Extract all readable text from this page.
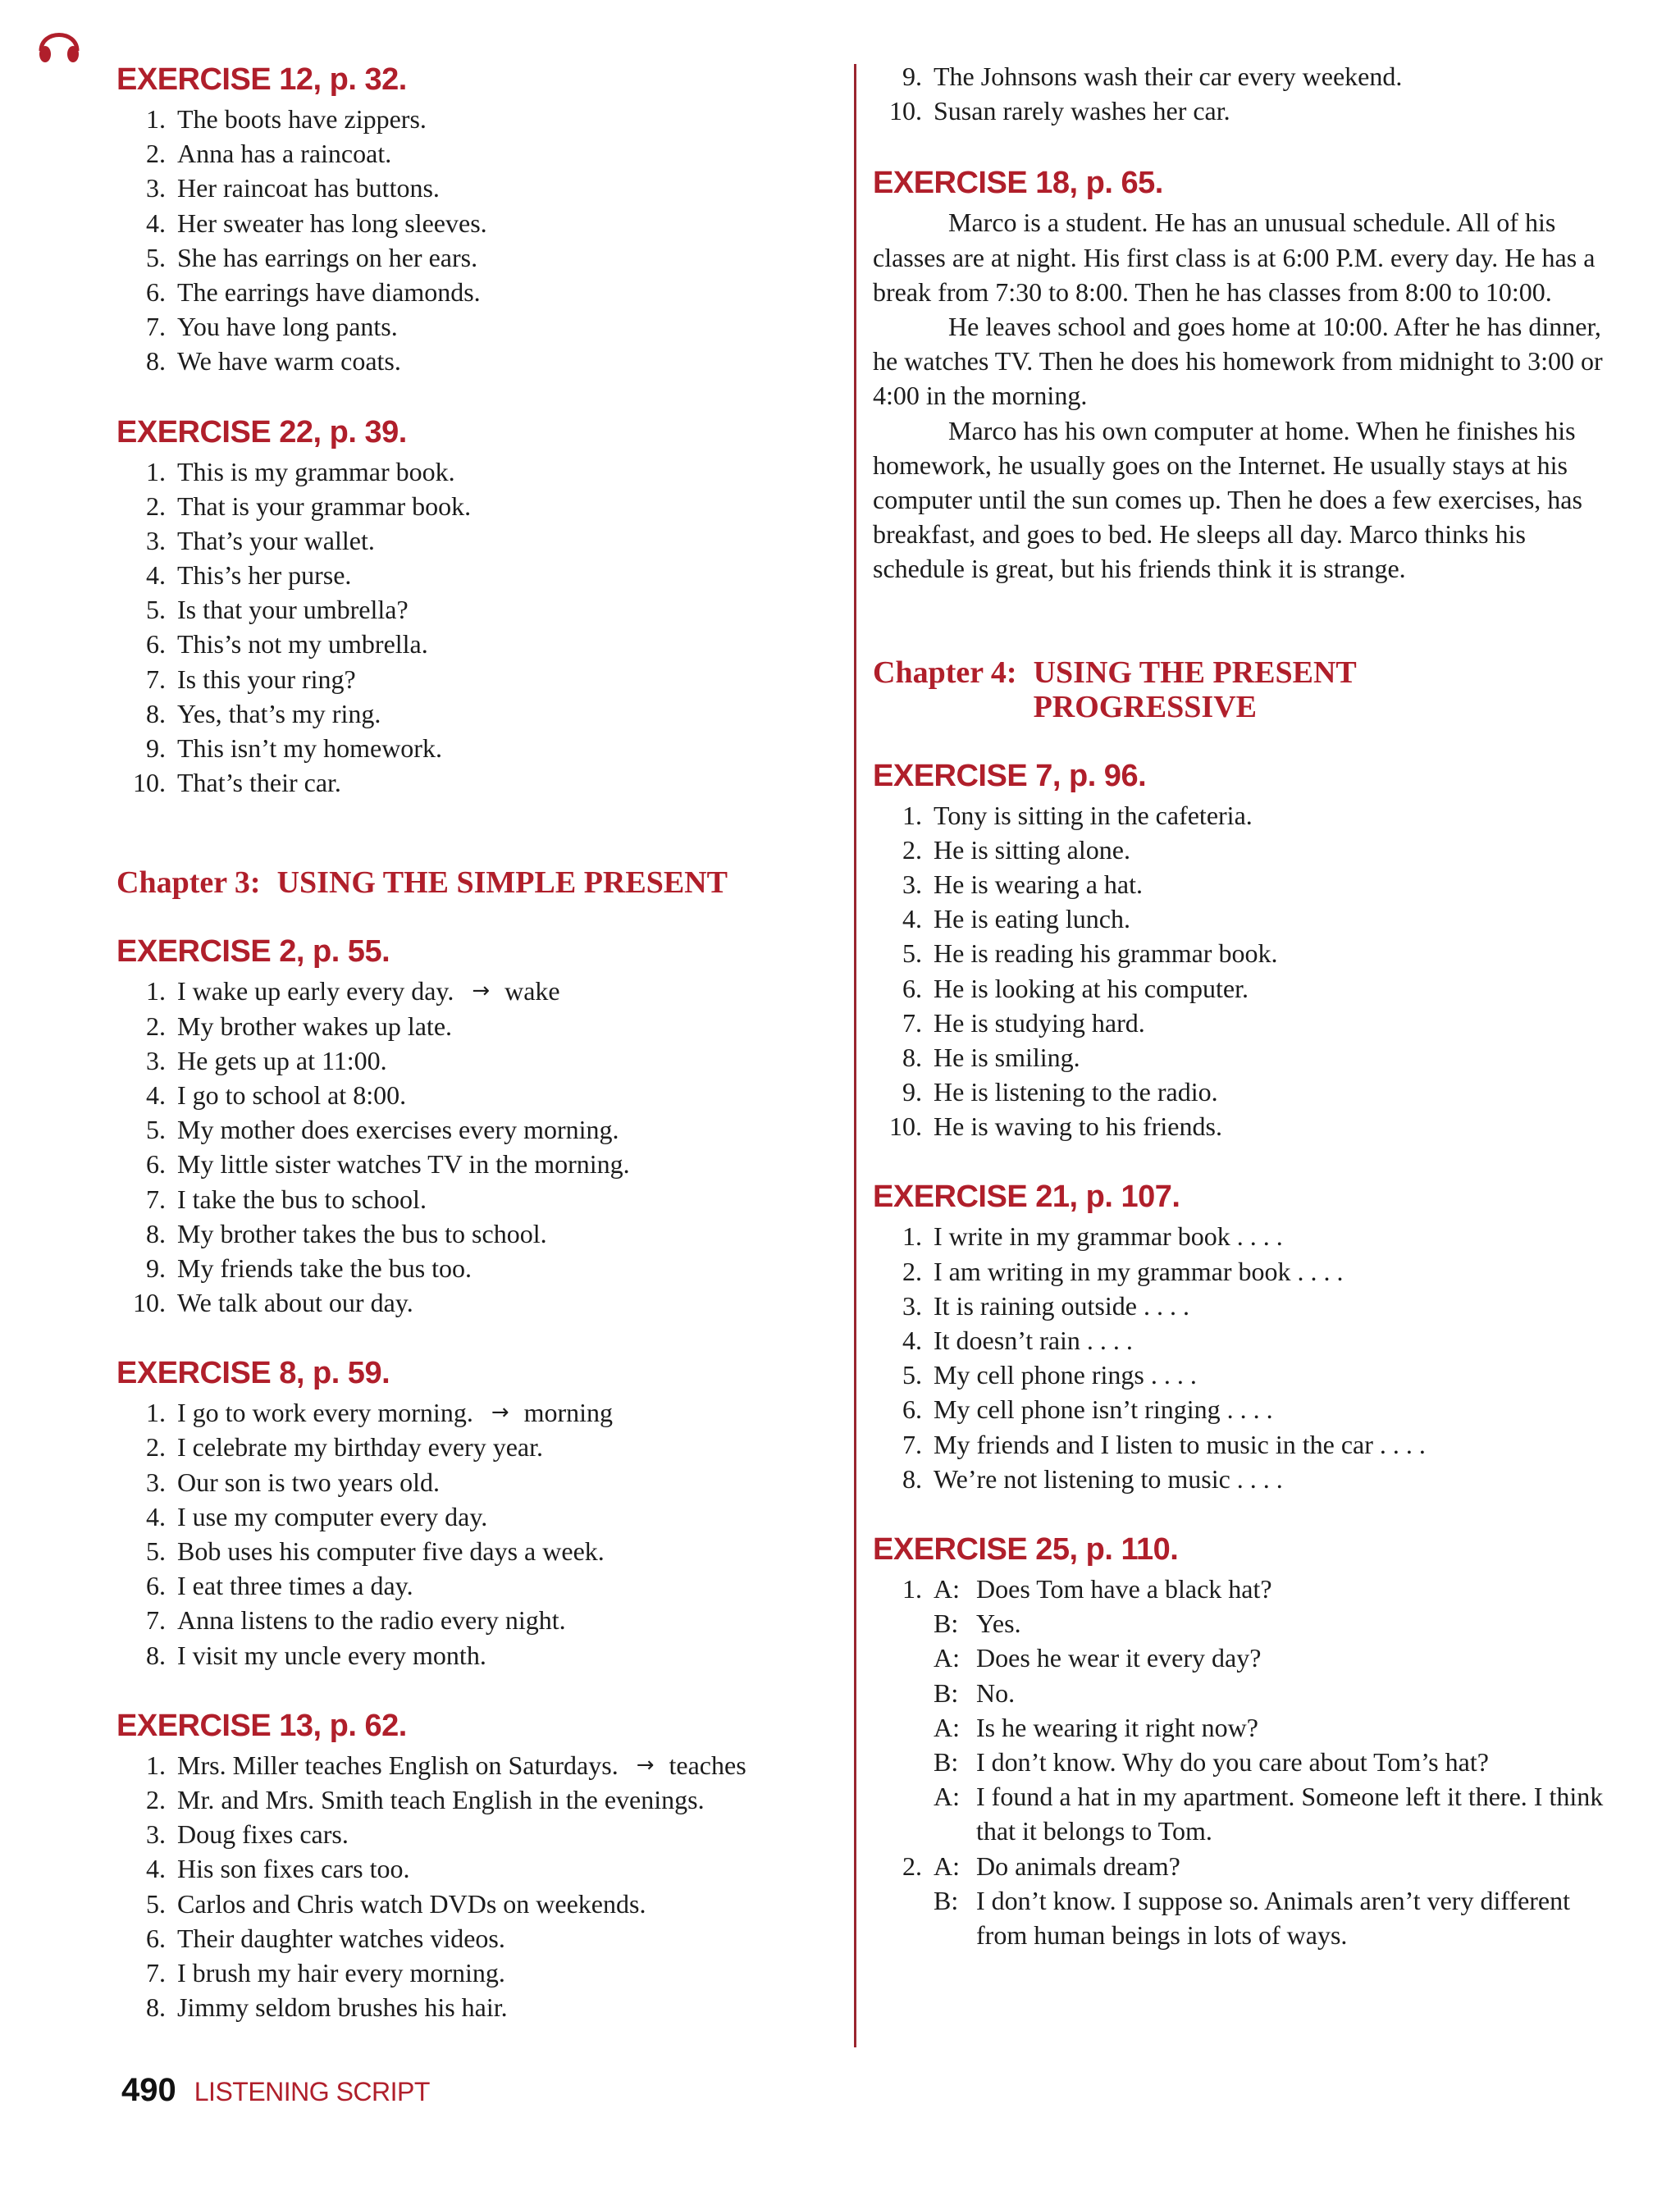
EXERCISE 12, p. 32.
1. The boots have zippers.
2. Anna has a raincoat.
3. Her raincoat has buttons.
4. Her sweater has long sleeves.
5. She has earrings on her ears.
6. The earrings have diamonds.
7. You have long pants.
8. We have warm coats.
EXERCISE 22, p. 39.
1. This is my grammar book.
2. That is your grammar book.
3. That’s your wallet.
4. This’s her purse.
5. Is that your umbrella?
6. This’s not my umbrella.
7. Is this your ring?
8. Yes, that’s my ring.
9. This isn’t my homework.
10. That’s their car.
Chapter 3: USING THE SIMPLE PRESENT
EXERCISE 2, p. 55.
1. I wake up early every day. → wake
2. My brother wakes up late.
3. He gets up at 11:00.
4. I go to school at 8:00.
5. My mother does exercises every morning.
6. My little sister watches TV in the morning.
7. I take the bus to school.
8. My brother takes the bus to school.
9. My friends take the bus too.
10. We talk about our day.
EXERCISE 8, p. 59.
1. I go to work every morning. → morning
2. I celebrate my birthday every year.
3. Our son is two years old.
4. I use my computer every day.
5. Bob uses his computer five days a week.
6. I eat three times a day.
7. Anna listens to the radio every night.
8. I visit my uncle every month.
EXERCISE 13, p. 62.
1. Mrs. Miller teaches English on Saturdays. → teaches
2. Mr. and Mrs. Smith teach English in the evenings.
3. Doug fixes cars.
4. His son fixes cars too.
5. Carlos and Chris watch DVDs on weekends.
6. Their daughter watches videos.
7. I brush my hair every morning.
8. Jimmy seldom brushes his hair.
9. The Johnsons wash their car every weekend.
10. Susan rarely washes her car.
EXERCISE 18, p. 65.

Marco is a student. He has an unusual schedule. All of his classes are at night. His first class is at 6:00 P.M. every day. He has a break from 7:30 to 8:00. Then he has classes from 8:00 to 10:00.

He leaves school and goes home at 10:00. After he has dinner, he watches TV. Then he does his homework from midnight to 3:00 or 4:00 in the morning.

Marco has his own computer at home. When he finishes his homework, he usually goes on the Internet. He usually stays at his computer until the sun comes up. Then he does a few exercises, has breakfast, and goes to bed. He sleeps all day. Marco thinks his schedule is great, but his friends think it is strange.

Chapter 4: USING THE PRESENT
PROGRESSIVE
EXERCISE 7, p. 96.
1. Tony is sitting in the cafeteria.
2. He is sitting alone.
3. He is wearing a hat.
4. He is eating lunch.
5. He is reading his grammar book.
6. He is looking at his computer.
7. He is studying hard.
8. He is smiling.
9. He is listening to the radio.
10. He is waving to his friends.
EXERCISE 21, p. 107.
1. I write in my grammar book . . . .
2. I am writing in my grammar book . . . .
3. It is raining outside . . . .
4. It doesn’t rain . . . .
5. My cell phone rings . . . .
6. My cell phone isn’t ringing . . . .
7. My friends and I listen to music in the car . . . .
8. We’re not listening to music . . . .
EXERCISE 25, p. 110.
1. A: Does Tom have a black hat?
B: Yes.
A: Does he wear it every day?
B: No.
A: Is he wearing it right now?
B: I don’t know. Why do you care about Tom’s hat?
A: I found a hat in my apartment. Someone left it there. I think that it belongs to Tom.
2. A: Do animals dream?
B: I don’t know. I suppose so. Animals aren’t very different from human beings in lots of ways.
490 LISTENING SCRIPT
